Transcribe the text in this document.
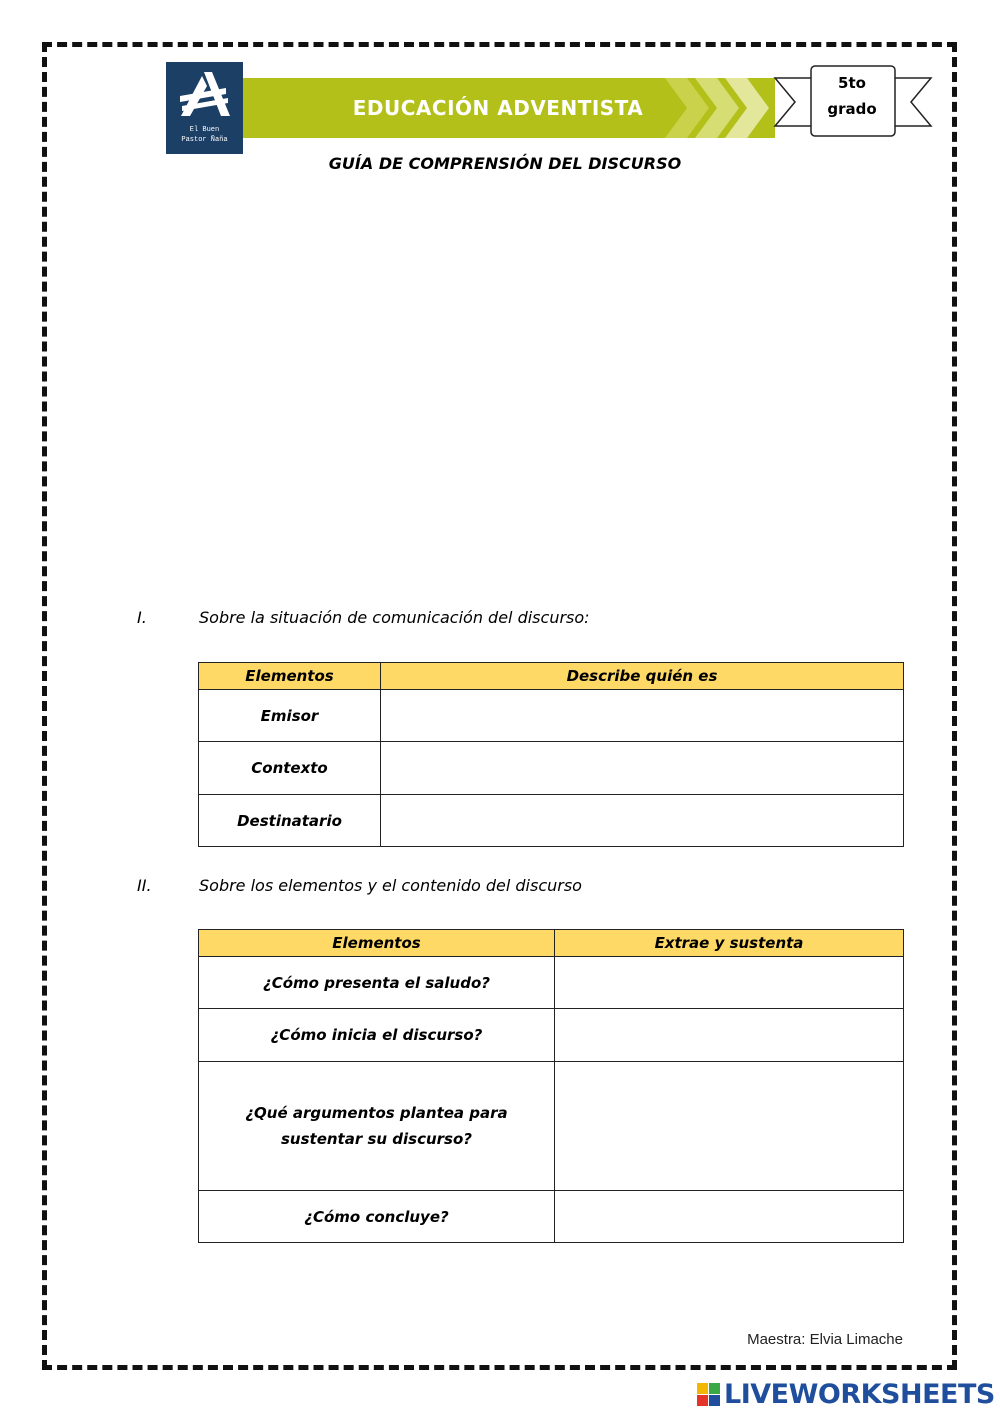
El Buen
Pastor Ñaña
EDUCACIÓN ADVENTISTA
5to
grado
GUÍA DE COMPRENSIÓN DEL DISCURSO
I.	Sobre la situación de comunicación del discurso:
Elementos	Describe quién es
Emisor	
Contexto	
Destinatario	
II.	Sobre los elementos y el contenido del discurso
Elementos	Extrae y sustenta
¿Cómo presenta el saludo?	
¿Cómo inicia el discurso?	
¿Qué argumentos plantea para sustentar su discurso?	
¿Cómo concluye?	
Maestra: Elvia Limache
LIVEWORKSHEETS
